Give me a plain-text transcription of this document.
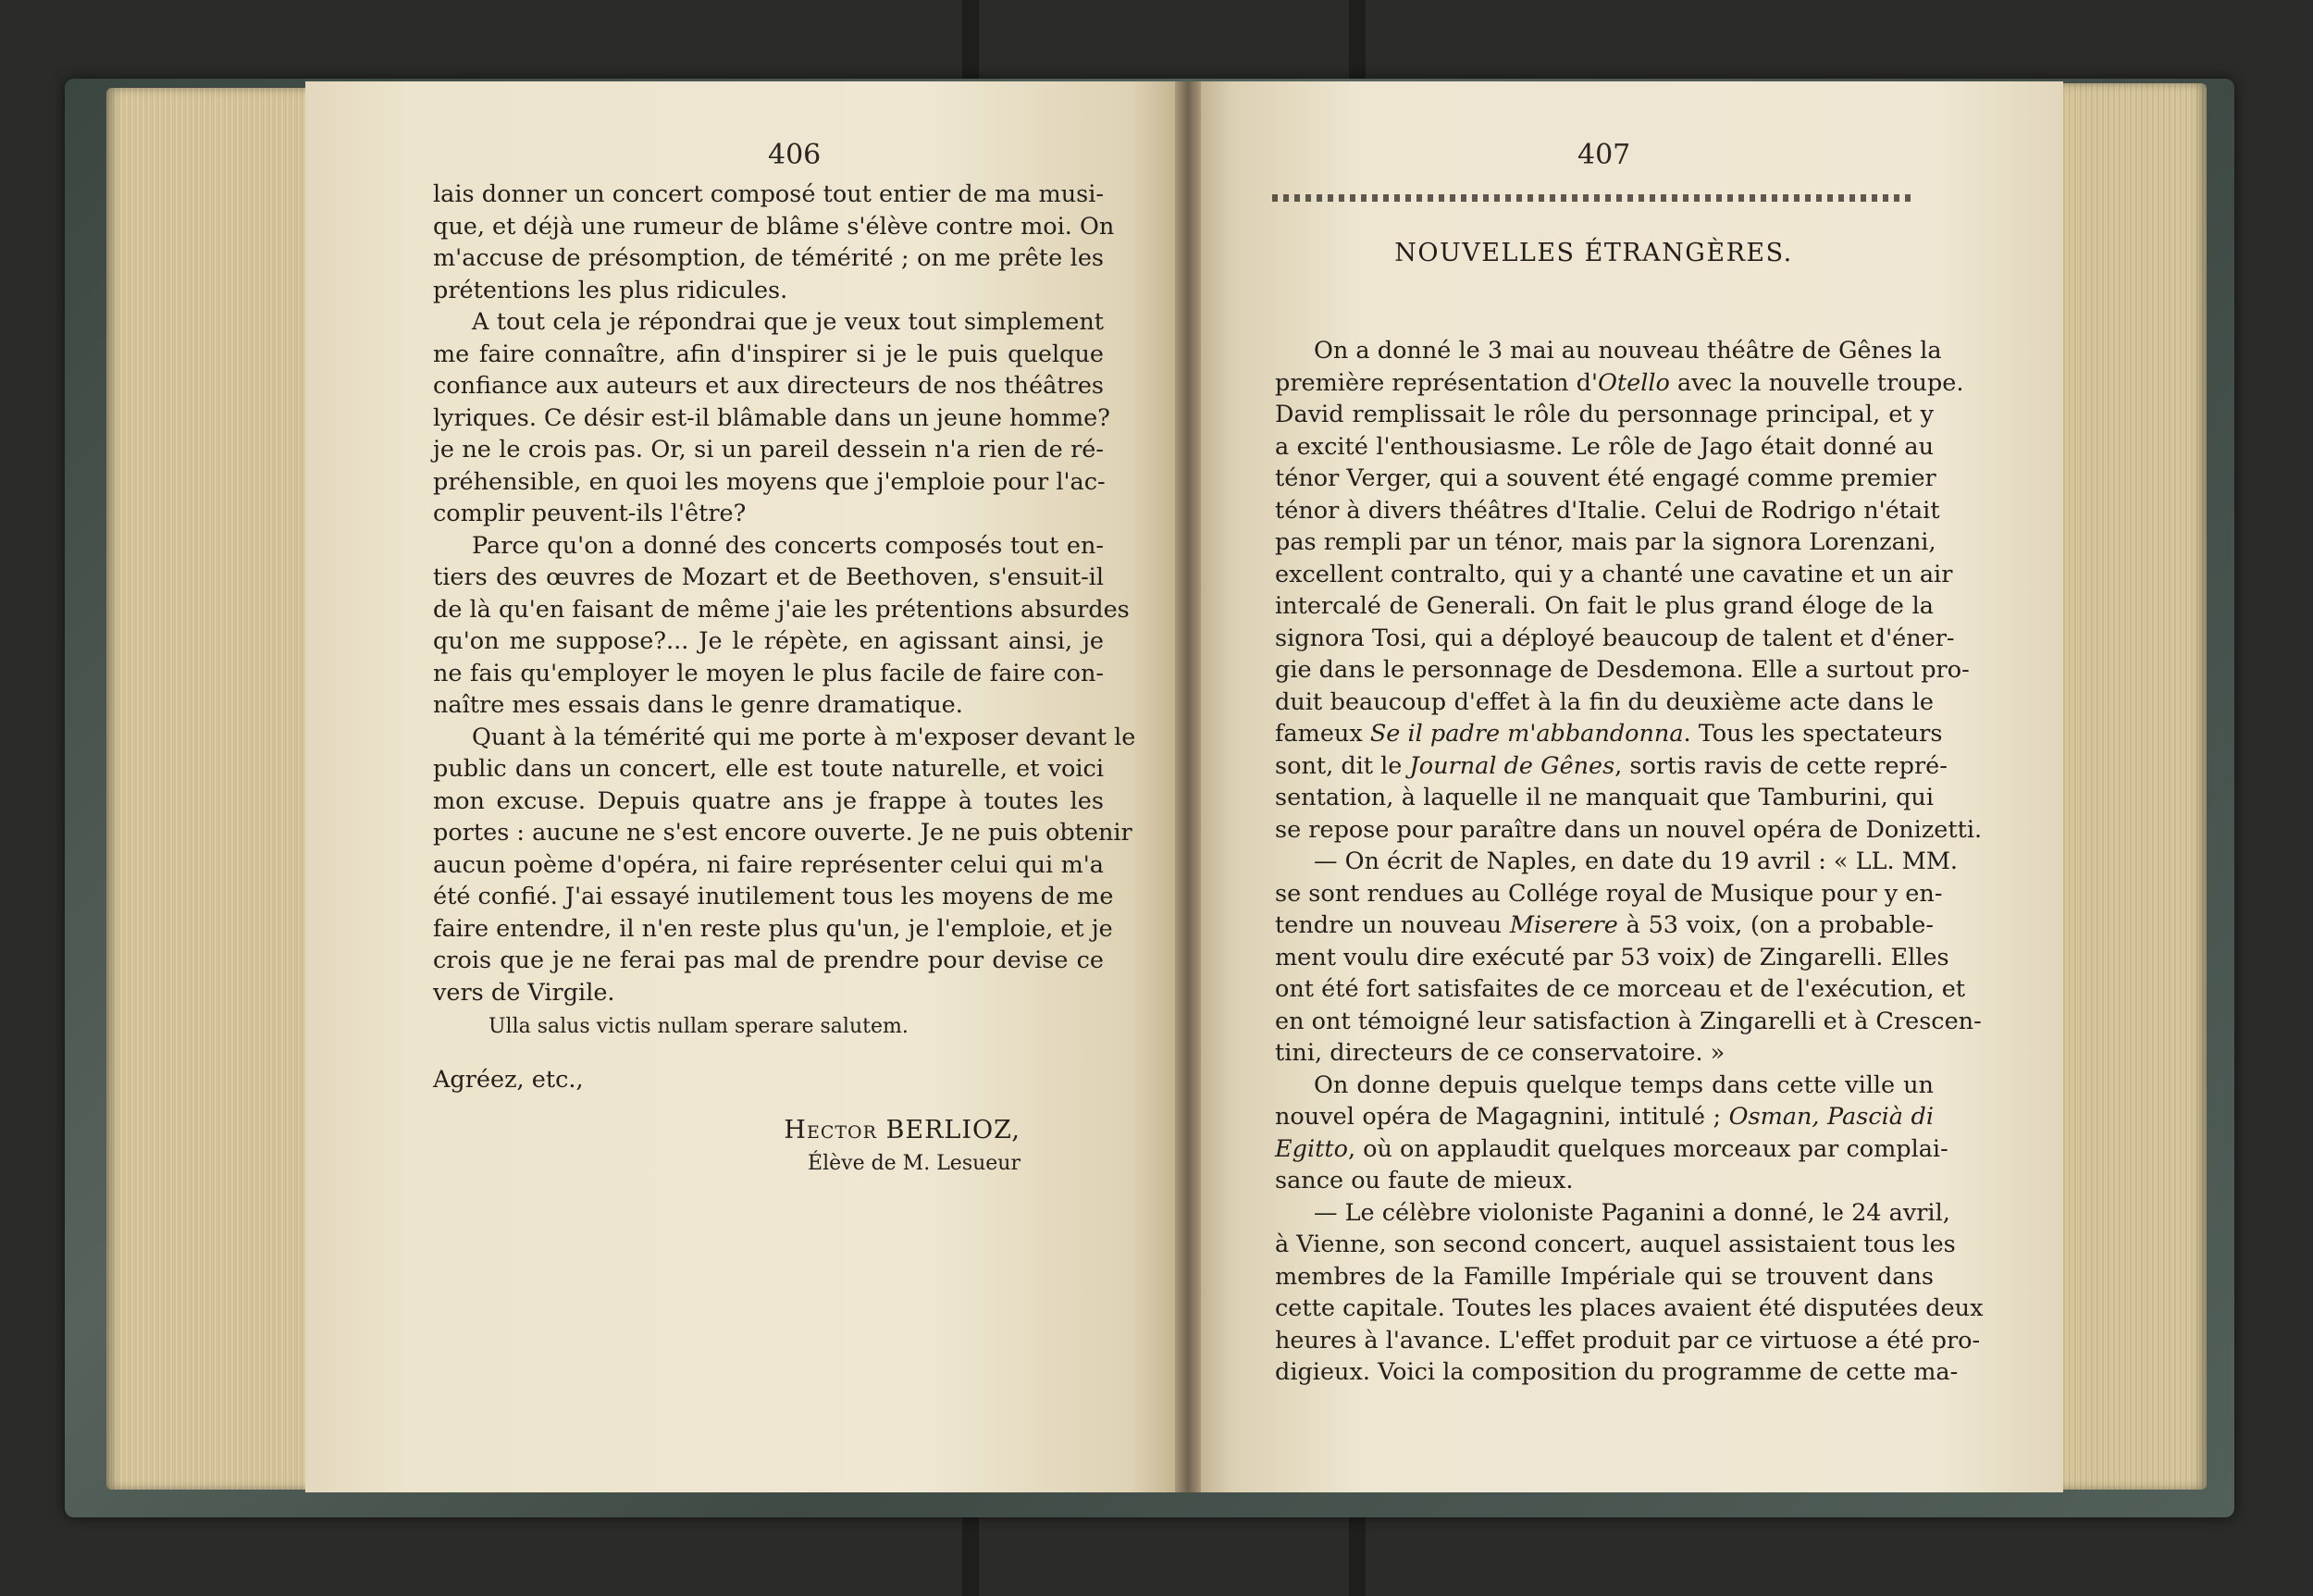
406
lais donner un concert composé tout entier de ma musi-
que, et déjà une rumeur de blâme s'élève contre moi. On
m'accuse de présomption, de témérité ; on me prête les
prétentions les plus ridicules.
A tout cela je répondrai que je veux tout simplement
me faire connaître, afin d'inspirer si je le puis quelque
confiance aux auteurs et aux directeurs de nos théâtres
lyriques. Ce désir est-il blâmable dans un jeune homme?
je ne le crois pas. Or, si un pareil dessein n'a rien de ré-
préhensible, en quoi les moyens que j'emploie pour l'ac-
complir peuvent-ils l'être?
Parce qu'on a donné des concerts composés tout en-
tiers des œuvres de Mozart et de Beethoven, s'ensuit-il
de là qu'en faisant de même j'aie les prétentions absurdes
qu'on me suppose?... Je le répète, en agissant ainsi, je
ne fais qu'employer le moyen le plus facile de faire con-
naître mes essais dans le genre dramatique.
Quant à la témérité qui me porte à m'exposer devant le
public dans un concert, elle est toute naturelle, et voici
mon excuse. Depuis quatre ans je frappe à toutes les
portes : aucune ne s'est encore ouverte. Je ne puis obtenir
aucun poème d'opéra, ni faire représenter celui qui m'a
été confié. J'ai essayé inutilement tous les moyens de me
faire entendre, il n'en reste plus qu'un, je l'emploie, et je
crois que je ne ferai pas mal de prendre pour devise ce
vers de Virgile.
Ulla salus victis nullam sperare salutem.
Agréez, etc.,
Hector BERLIOZ,
Élève de M. Lesueur
407
NOUVELLES ÉTRANGÈRES.
On a donné le 3 mai au nouveau théâtre de Gênes la
première représentation d'Otello avec la nouvelle troupe.
David remplissait le rôle du personnage principal, et y
a excité l'enthousiasme. Le rôle de Jago était donné au
ténor Verger, qui a souvent été engagé comme premier
ténor à divers théâtres d'Italie. Celui de Rodrigo n'était
pas rempli par un ténor, mais par la signora Lorenzani,
excellent contralto, qui y a chanté une cavatine et un air
intercalé de Generali. On fait le plus grand éloge de la
signora Tosi, qui a déployé beaucoup de talent et d'éner-
gie dans le personnage de Desdemona. Elle a surtout pro-
duit beaucoup d'effet à la fin du deuxième acte dans le
fameux Se il padre m'abbandonna. Tous les spectateurs
sont, dit le Journal de Gênes, sortis ravis de cette repré-
sentation, à laquelle il ne manquait que Tamburini, qui
se repose pour paraître dans un nouvel opéra de Donizetti.
— On écrit de Naples, en date du 19 avril : « LL. MM.
se sont rendues au Collége royal de Musique pour y en-
tendre un nouveau Miserere à 53 voix, (on a probable-
ment voulu dire exécuté par 53 voix) de Zingarelli. Elles
ont été fort satisfaites de ce morceau et de l'exécution, et
en ont témoigné leur satisfaction à Zingarelli et à Crescen-
tini, directeurs de ce conservatoire. »
On donne depuis quelque temps dans cette ville un
nouvel opéra de Magagnini, intitulé ; Osman, Pascià di
Egitto, où on applaudit quelques morceaux par complai-
sance ou faute de mieux.
— Le célèbre violoniste Paganini a donné, le 24 avril,
à Vienne, son second concert, auquel assistaient tous les
membres de la Famille Impériale qui se trouvent dans
cette capitale. Toutes les places avaient été disputées deux
heures à l'avance. L'effet produit par ce virtuose a été pro-
digieux. Voici la composition du programme de cette ma-
